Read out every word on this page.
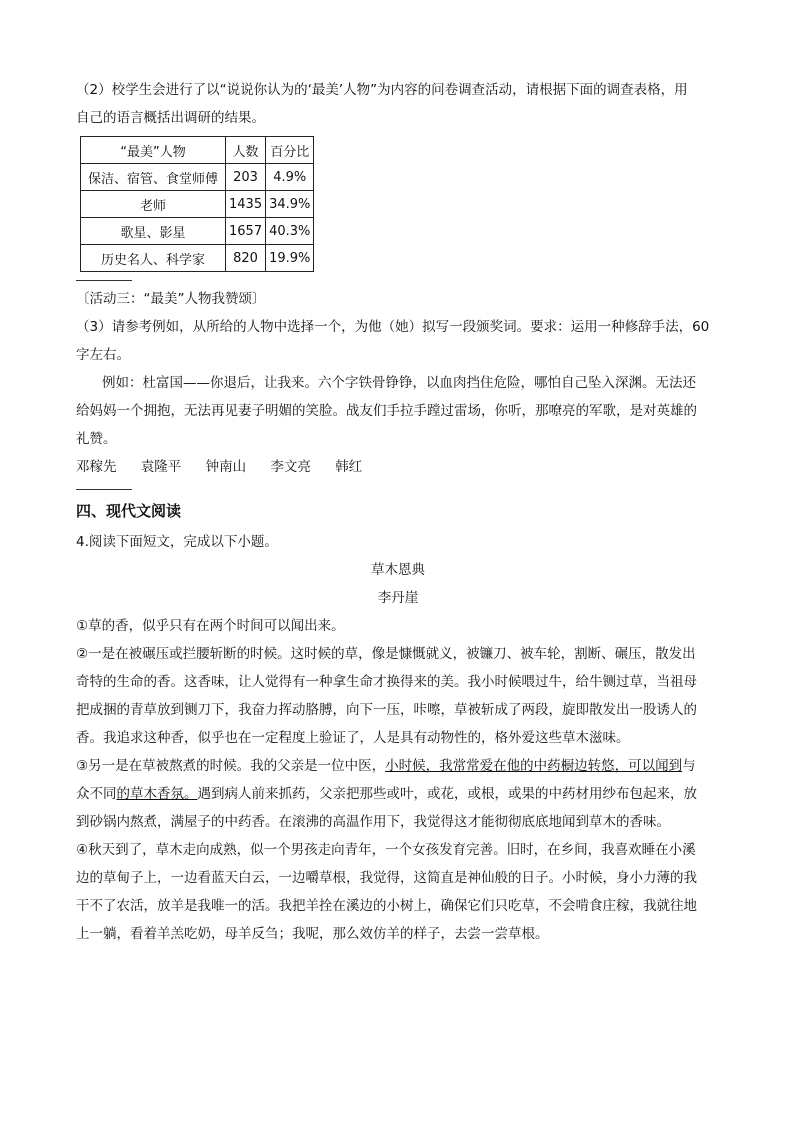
（2）校学生会进行了以“说说你认为的‘最美’人物”为内容的问卷调查活动，请根据下面的调查表格，用
自己的语言概括出调研的结果。
“最美”人物	人数	百分比
保洁、宿管、食堂师傅	203	4.9%
老师	1435	34.9%
歌星、影星	1657	40.3%
历史名人、科学家	820	19.9%
〔活动三：“最美”人物我赞颂〕
（3）请参考例如，从所给的人物中选择一个，为他（她）拟写一段颁奖词。要求：运用一种修辞手法，60
字左右。
例如：杜富国——你退后，让我来。六个字铁骨铮铮，以血肉挡住危险，哪怕自己坠入深渊。无法还
给妈妈一个拥抱，无法再见妻子明媚的笑脸。战友们手拉手蹚过雷场，你听，那嘹亮的军歌，是对英雄的
礼赞。
邓稼先 袁隆平 钟南山 李文亮 韩红
四、现代文阅读
4.阅读下面短文，完成以下小题。
草木恩典
李丹崖
①草的香，似乎只有在两个时间可以闻出来。
②一是在被碾压或拦腰斩断的时候。这时候的草，像是慷慨就义，被镰刀、被车轮，割断、碾压，散发出
奇特的生命的香。这香味，让人觉得有一种拿生命才换得来的美。我小时候喂过牛，给牛铡过草，当祖母
把成捆的青草放到铡刀下，我奋力挥动胳膊，向下一压，咔嚓，草被斩成了两段，旋即散发出一股诱人的
香。我追求这种香，似乎也在一定程度上验证了，人是具有动物性的，格外爱这些草木滋味。
③另一是在草被熬煮的时候。我的父亲是一位中医，小时候，我常常爱在他的中药橱边转悠，可以闻到与
众不同的草木香氛。遇到病人前来抓药，父亲把那些或叶，或花，或根，或果的中药材用纱布包起来，放
到砂锅内熬煮，满屋子的中药香。在滚沸的高温作用下，我觉得这才能彻彻底底地闻到草木的香味。
④秋天到了，草木走向成熟，似一个男孩走向青年，一个女孩发育完善。旧时，在乡间，我喜欢睡在小溪
边的草甸子上，一边看蓝天白云，一边嚼草根，我觉得，这简直是神仙般的日子。小时候，身小力薄的我
干不了农活，放羊是我唯一的活。我把羊拴在溪边的小树上，确保它们只吃草，不会啃食庄稼，我就往地
上一躺，看着羊羔吃奶，母羊反刍；我呢，那么效仿羊的样子，去尝一尝草根。
